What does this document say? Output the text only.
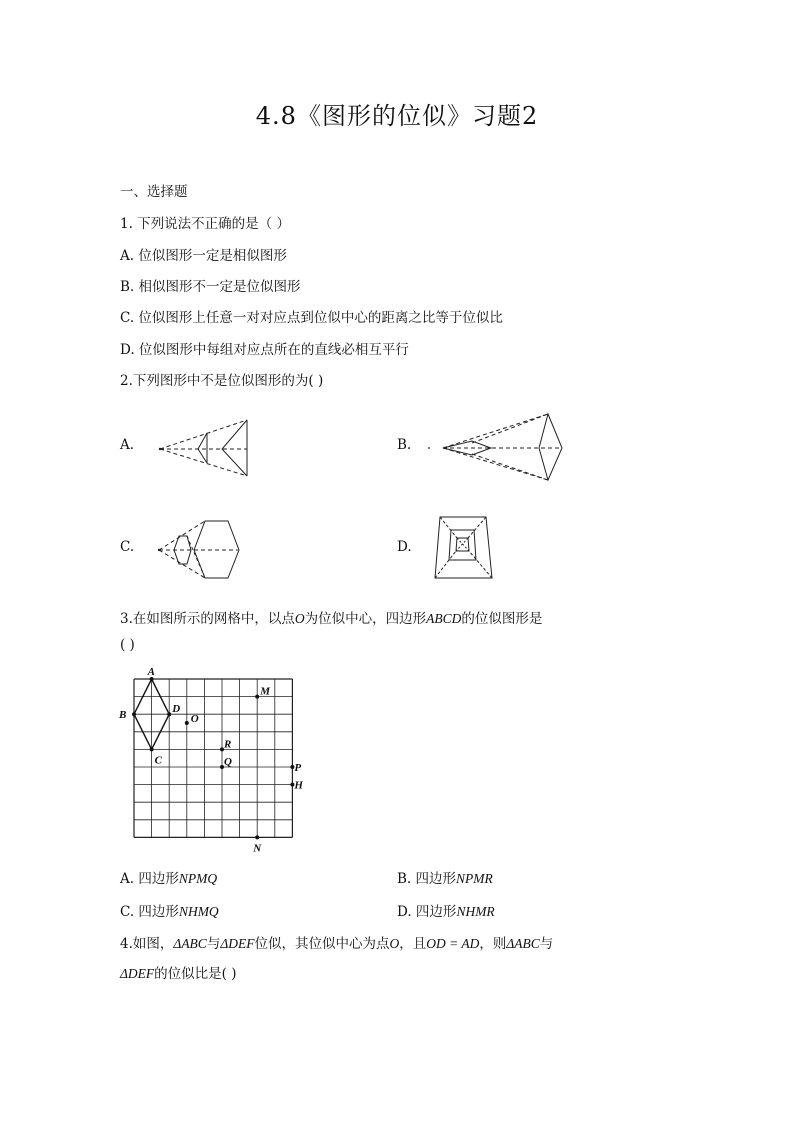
4.8《图形的位似》习题2
一、选择题
1. 下列说法不正确的是（ ）
A. 位似图形一定是相似图形
B. 相似图形不一定是位似图形
C. 位似图形上任意一对对应点到位似中心的距离之比等于位似比
D. 位似图形中每组对应点所在的直线必相互平行
2.下列图形中不是位似图形的为( )
A.	B.
C.	D.
3.在如图所示的网格中，以点O为位似中心，四边形ABCD的位似图形是
( )
A
B
C
D
O
M
R
Q	P
H
N
A. 四边形NPMQ	B. 四边形NPMR
C. 四边形NHMQ	D. 四边形NHMR
4.如图，ΔABC与ΔDEF位似，其位似中心为点O，且OD = AD，则ΔABC与
ΔDEF的位似比是( )
